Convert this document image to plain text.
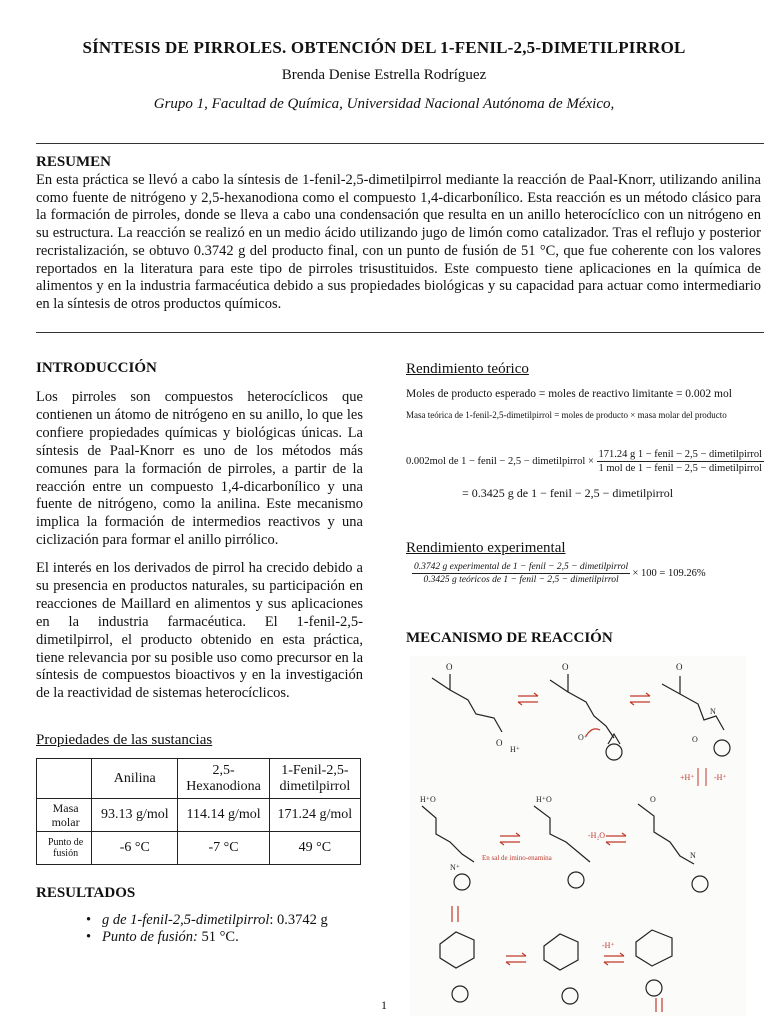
SÍNTESIS DE PIRROLES. OBTENCIÓN DEL 1-FENIL-2,5-DIMETILPIRROL
Brenda Denise Estrella Rodríguez
Grupo 1, Facultad de Química, Universidad Nacional Autónoma de México,
RESUMEN
En esta práctica se llevó a cabo la síntesis de 1-fenil-2,5-dimetilpirrol mediante la reacción de Paal-Knorr, utilizando anilina como fuente de nitrógeno y 2,5-hexanodiona como el compuesto 1,4-dicarbonílico. Esta reacción es un método clásico para la formación de pirroles, donde se lleva a cabo una condensación que resulta en un anillo heterocíclico con un nitrógeno en su estructura. La reacción se realizó en un medio ácido utilizando jugo de limón como catalizador. Tras el reflujo y posterior recristalización, se obtuvo 0.3742 g del producto final, con un punto de fusión de 51 °C, que fue coherente con los valores reportados en la literatura para este tipo de pirroles trisustituidos. Este compuesto tiene aplicaciones en la química de alimentos y en la industria farmacéutica debido a sus propiedades biológicas y su capacidad para actuar como intermediario en la síntesis de otros productos químicos.
INTRODUCCIÓN
Los pirroles son compuestos heterocíclicos que contienen un átomo de nitrógeno en su anillo, lo que les confiere propiedades químicas y biológicas únicas. La síntesis de Paal-Knorr es uno de los métodos más comunes para la formación de pirroles, a partir de la reacción entre un compuesto 1,4-dicarbonílico y una fuente de nitrógeno, como la anilina. Este mecanismo implica la formación de intermedios reactivos y una ciclización para formar el anillo pirrólico.
El interés en los derivados de pirrol ha crecido debido a su presencia en productos naturales, su participación en reacciones de Maillard en alimentos y sus aplicaciones en la industria farmacéutica. El 1-fenil-2,5-dimetilpirrol, el producto obtenido en esta práctica, tiene relevancia por su posible uso como precursor en la síntesis de compuestos bioactivos y en la investigación de la reactividad de sistemas heterocíclicos.
Propiedades de las sustancias
	Anilina	2,5-Hexanodiona	1-Fenil-2,5-dimetilpirrol
Masa molar	93.13 g/mol	114.14 g/mol	171.24 g/mol
Punto de fusión	-6 °C	-7 °C	49 °C
RESULTADOS
• g de 1-fenil-2,5-dimetilpirrol: 0.3742 g
• Punto de fusión: 51 °C.
Rendimiento teórico
Moles de producto esperado = moles de reactivo limitante = 0.002 mol
Masa teórica de 1-fenil-2,5-dimetilpirrol = moles de producto × masa molar del producto
0.002mol de 1 − fenil − 2,5 − dimetilpirrol × $\frac{\text{171.24 g 1 − fenil − 2,5 − dimetilpirrol}}{\text{1 mol de 1 − fenil − 2,5 − dimetilpirrol}}$
= 0.3425 g de 1 − fenil − 2,5 − dimetilpirrol
Rendimiento experimental
$\frac{\text{0.3742 g experimental de 1 − fenil − 2,5 − dimetilpirrol}}{\text{0.3425 g teóricos de 1 − fenil − 2,5 − dimetilpirrol}} \times 100 = 109.26\%$
MECANISMO DE REACCIÓN
O
O
H⁺
O
O⁺
O
N
O
+H⁺ -H⁺
H⁺O
N⁺
En sal de imino-enamina
H⁺O
-H₂O
O
N
-H⁺
1
